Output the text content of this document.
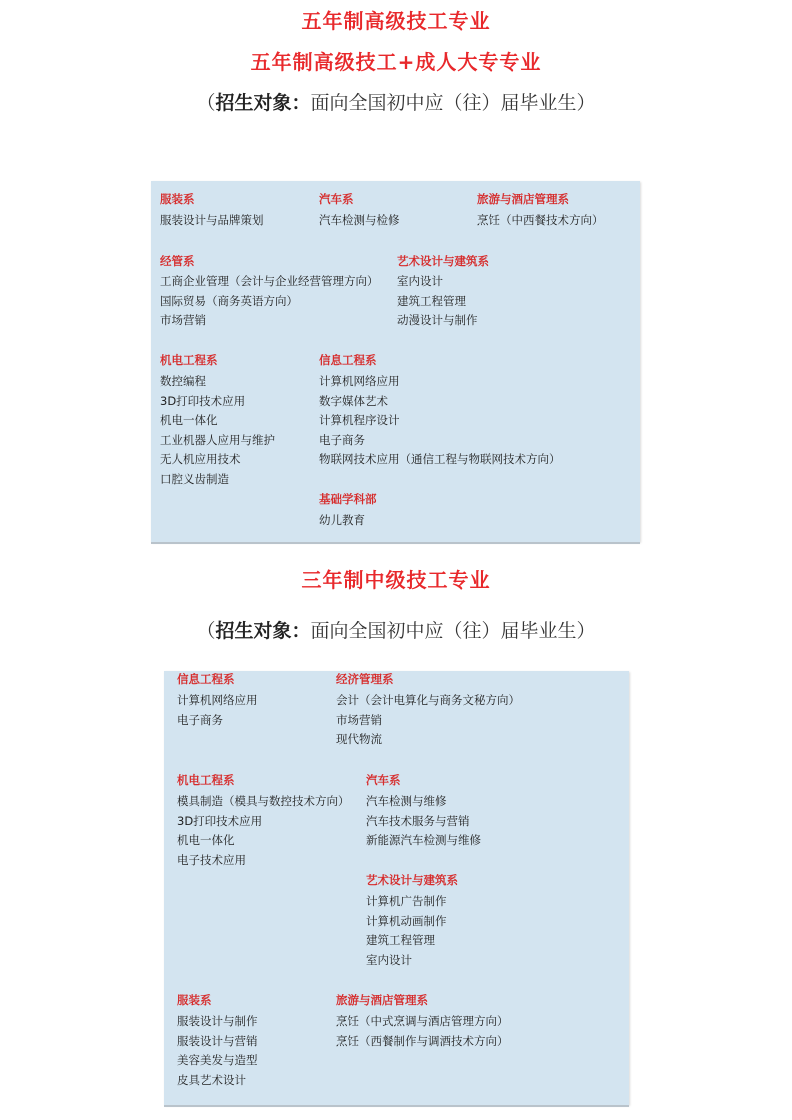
五年制高级技工专业
五年制高级技工+成人大专专业
（招生对象：面向全国初中应（往）届毕业生）
服装系
服装设计与品牌策划
汽车系
汽车检测与检修
旅游与酒店管理系
烹饪（中西餐技术方向）
经管系
工商企业管理（会计与企业经营管理方向）
国际贸易（商务英语方向）
市场营销
艺术设计与建筑系
室内设计
建筑工程管理
动漫设计与制作
机电工程系
数控编程
3D打印技术应用
机电一体化
工业机器人应用与维护
无人机应用技术
口腔义齿制造
信息工程系
计算机网络应用
数字媒体艺术
计算机程序设计
电子商务
物联网技术应用（通信工程与物联网技术方向）
基础学科部
幼儿教育
三年制中级技工专业
（招生对象：面向全国初中应（往）届毕业生）
信息工程系
计算机网络应用
电子商务
经济管理系
会计（会计电算化与商务文秘方向）
市场营销
现代物流
机电工程系
模具制造（模具与数控技术方向）
3D打印技术应用
机电一体化
电子技术应用
汽车系
汽车检测与维修
汽车技术服务与营销
新能源汽车检测与维修
艺术设计与建筑系
计算机广告制作
计算机动画制作
建筑工程管理
室内设计
服装系
服装设计与制作
服装设计与营销
美容美发与造型
皮具艺术设计
旅游与酒店管理系
烹饪（中式烹调与酒店管理方向）
烹饪（西餐制作与调酒技术方向）
